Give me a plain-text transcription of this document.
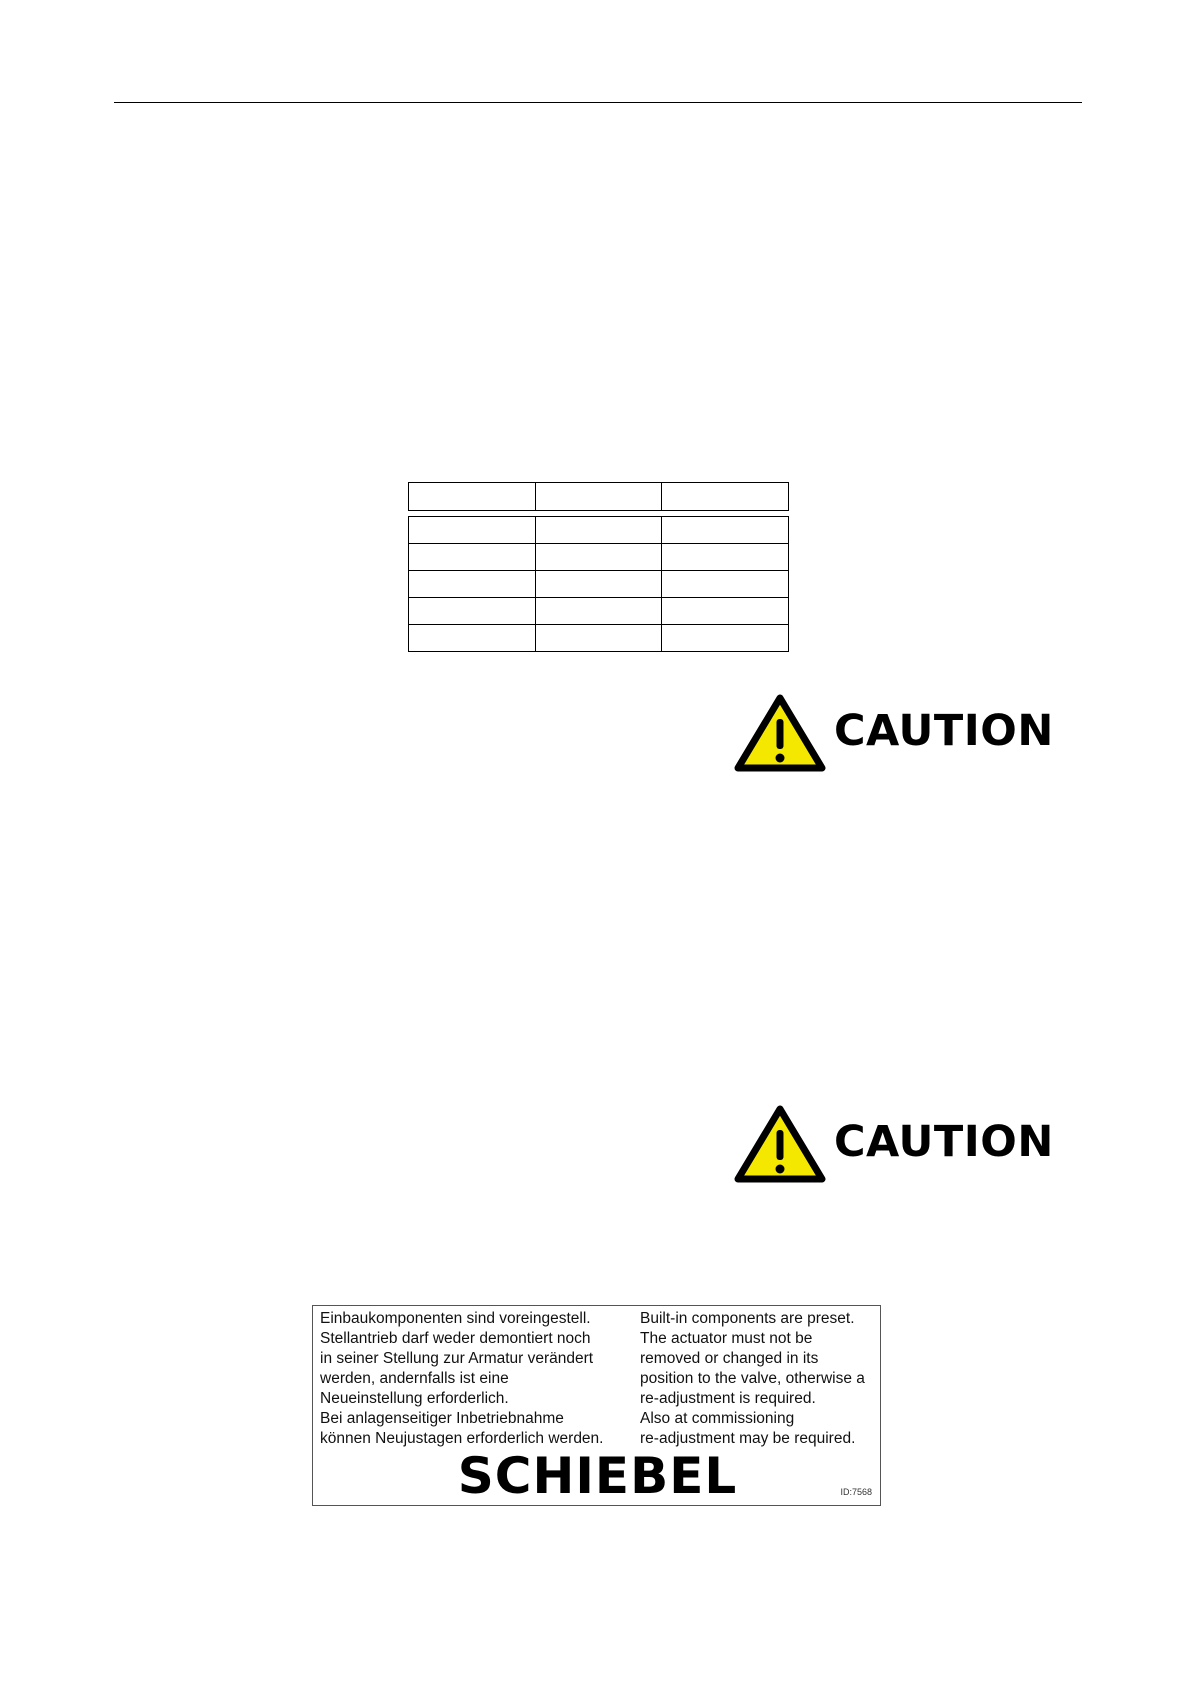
CAUTION
CAUTION
Einbaukomponenten sind voreingestell.
Stellantrieb darf weder demontiert noch
in seiner Stellung zur Armatur verändert
werden, andernfalls ist eine
Neueinstellung erforderlich.
Bei anlagenseitiger Inbetriebnahme
können Neujustagen erforderlich werden.
Built-in components are preset.
The actuator must not be
removed or changed in its
position to the valve, otherwise a
re-adjustment is required.
Also at commissioning
re-adjustment may be required.
SCHIEBEL	ID:7568
